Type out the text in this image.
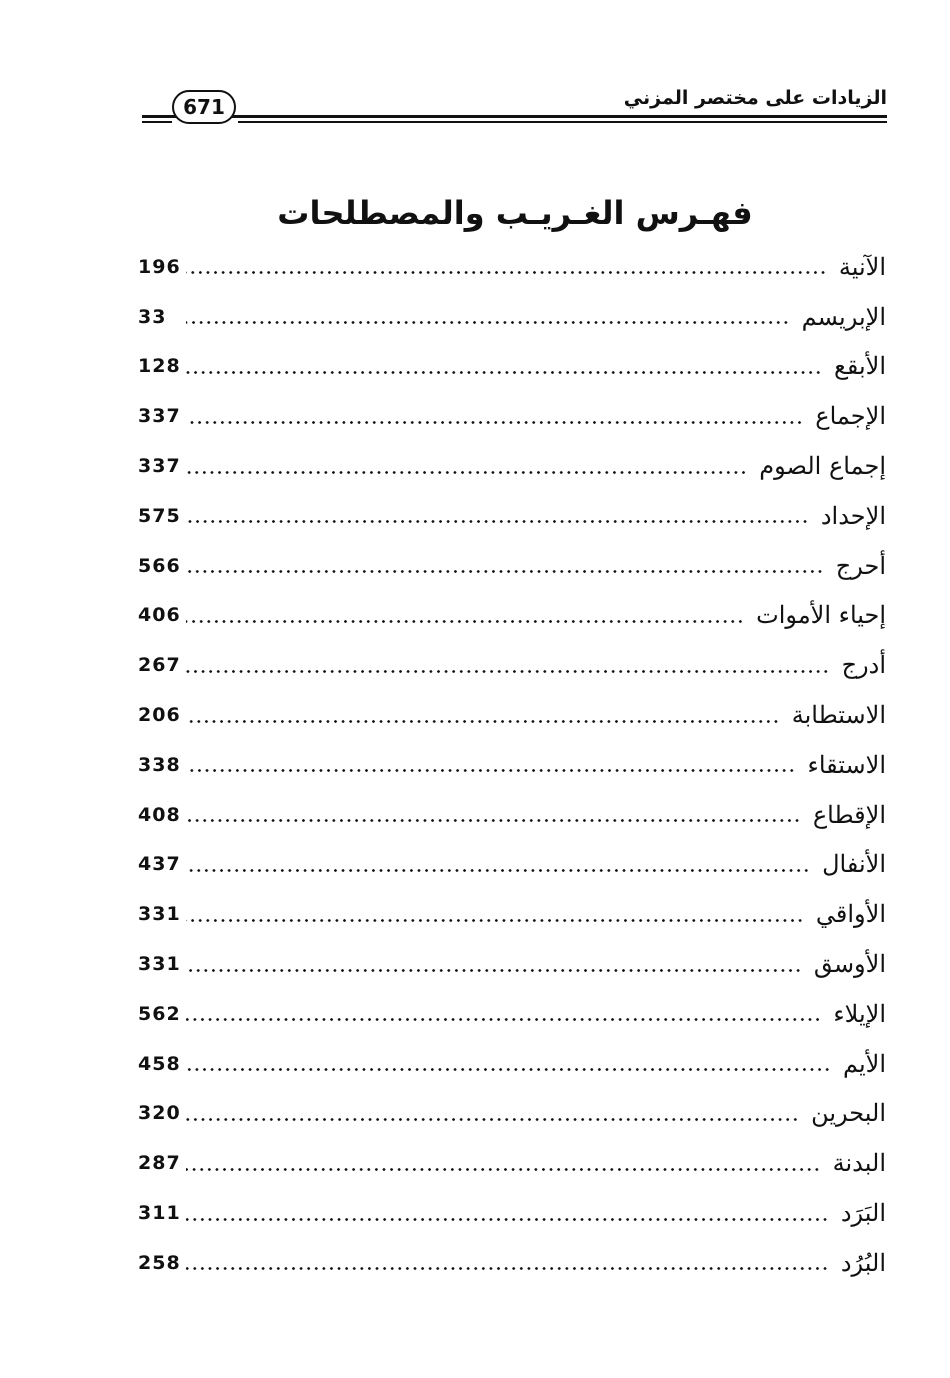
671	الزيادات على مختصر المزني
فهـرس الغـريـب والمصطلحات
الآنية
196
الإبريسم
33
الأبقع
128
الإجماع
337
إجماع الصوم
337
الإحداد
575
أحرج
566
إحياء الأموات
406
أدرج
267
الاستطابة
206
الاستقاء
338
الإقطاع
408
الأنفال
437
الأواقي
331
الأوسق
331
الإيلاء
562
الأيم
458
البحرين
320
البدنة
287
البَرَد
311
البُرُد
258
